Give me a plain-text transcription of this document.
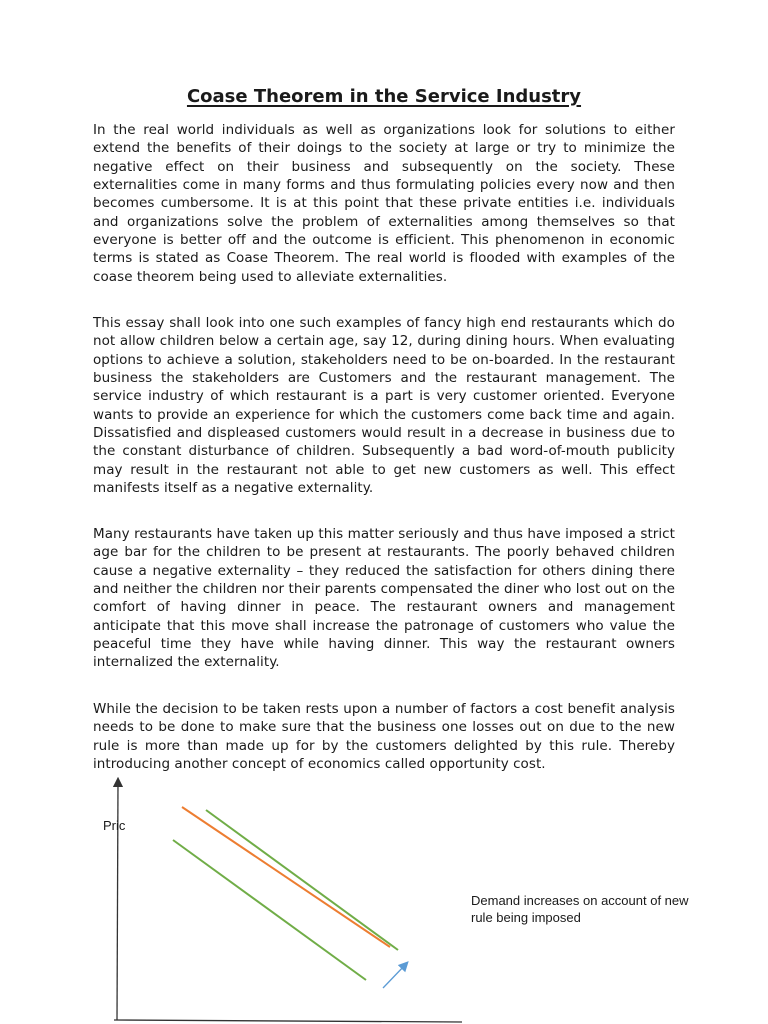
Coase Theorem in the Service Industry

In the real world individuals as well as organizations look for solutions to either extend the benefits of their doings to the society at large or try to minimize the negative effect on their business and subsequently on the society. These externalities come in many forms and thus formulating policies every now and then becomes cumbersome. It is at this point that these private entities i.e. individuals and organizations solve the problem of externalities among themselves so that everyone is better off and the outcome is efficient. This phenomenon in economic terms is stated as Coase Theorem. The real world is flooded with examples of the coase theorem being used to alleviate externalities.

This essay shall look into one such examples of fancy high end restaurants which do not allow children below a certain age, say 12, during dining hours. When evaluating options to achieve a solution, stakeholders need to be on-boarded. In the restaurant business the stakeholders are Customers and the restaurant management. The service industry of which restaurant is a part is very customer oriented. Everyone wants to provide an experience for which the customers come back time and again. Dissatisfied and displeased customers would result in a decrease in business due to the constant disturbance of children. Subsequently a bad word-of-mouth publicity may result in the restaurant not able to get new customers as well. This effect manifests itself as a negative externality.

Many restaurants have taken up this matter seriously and thus have imposed a strict age bar for the children to be present at restaurants. The poorly behaved children cause a negative externality – they reduced the satisfaction for others dining there and neither the children nor their parents compensated the diner who lost out on the comfort of having dinner in peace. The restaurant owners and management anticipate that this move shall increase the patronage of customers who value the peaceful time they have while having dinner. This way the restaurant owners internalized the externality.

While the decision to be taken rests upon a number of factors a cost benefit analysis needs to be done to make sure that the business one losses out on due to the new rule is more than made up for by the customers delighted by this rule. Thereby introducing another concept of economics called opportunity cost.

Pric
Demand increases on account of new rule being imposed
